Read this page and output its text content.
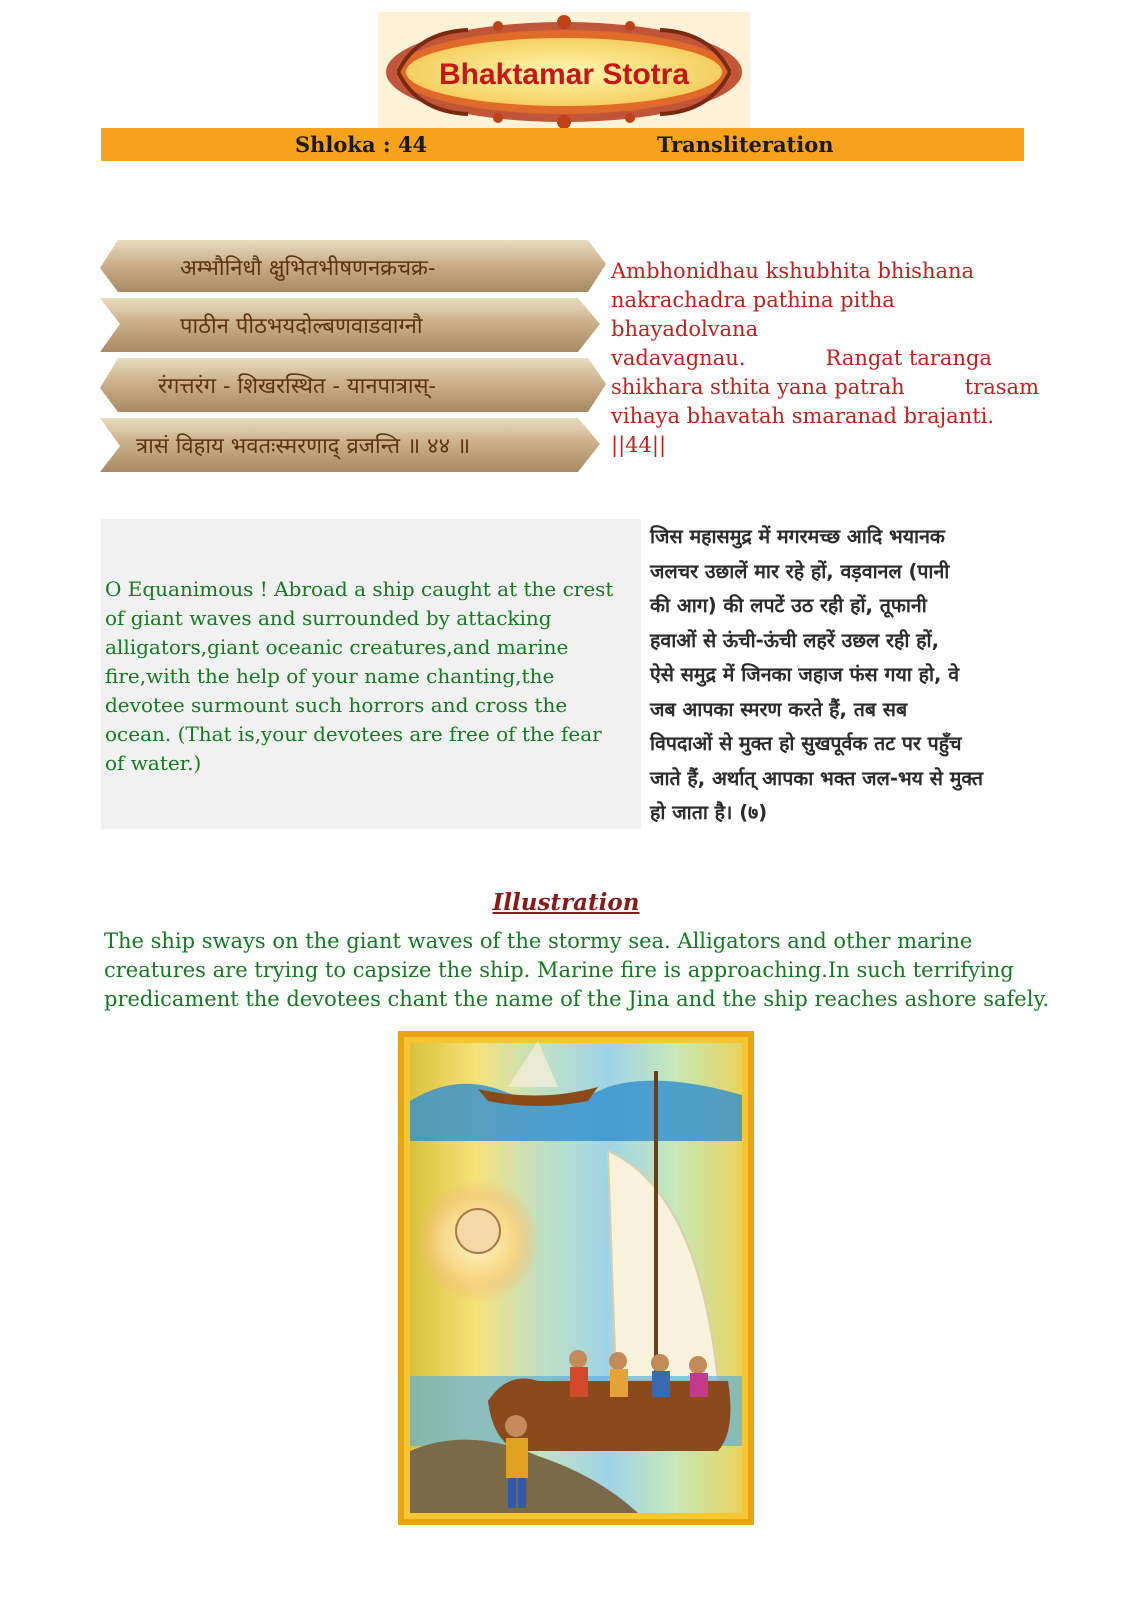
Bhaktamar Stotra
Shloka : 44	Transliteration
अम्भौनिधौ क्षुभितभीषणनक्रचक्र-
पाठीन पीठभयदोल्बणवाडवाग्नौ
रंगत्तरंग - शिखरस्थित - यानपात्रास्-
त्रासं विहाय भवतःस्मरणाद् व्रजन्ति ॥ ४४ ॥
Ambhonidhau kshubhita bhishana
nakrachadra pathina pitha
bhayadolvana
vadavagnau.            Rangat taranga
shikhara sthita yana patrah         trasam
vihaya bhavatah smaranad brajanti.
||44||
O Equanimous ! Abroad a ship caught at the crest
of giant waves and surrounded by attacking
alligators,giant oceanic creatures,and marine
fire,with the help of your name chanting,the
devotee surmount such horrors and cross the
ocean. (That is,your devotees are free of the fear
of water.)
जिस महासमुद्र में मगरमच्छ आदि भयानक
जलचर उछालें मार रहे हों, वड़वानल (पानी
की आग) की लपटें उठ रही हों, तूफानी
हवाओं से ऊंची-ऊंची लहरें उछल रही हों,
ऐसे समुद्र में जिनका जहाज फंस गया हो, वे
जब आपका स्मरण करते हैं, तब सब
विपदाओं से मुक्त हो सुखपूर्वक तट पर पहुँच
जाते हैं, अर्थात् आपका भक्त जल-भय से मुक्त
हो जाता है। (७)
Illustration
The ship sways on the giant waves of the stormy sea. Alligators and other marine
creatures are trying to capsize the ship. Marine fire is approaching.In such terrifying
predicament the devotees chant the name of the Jina and the ship reaches ashore safely.
